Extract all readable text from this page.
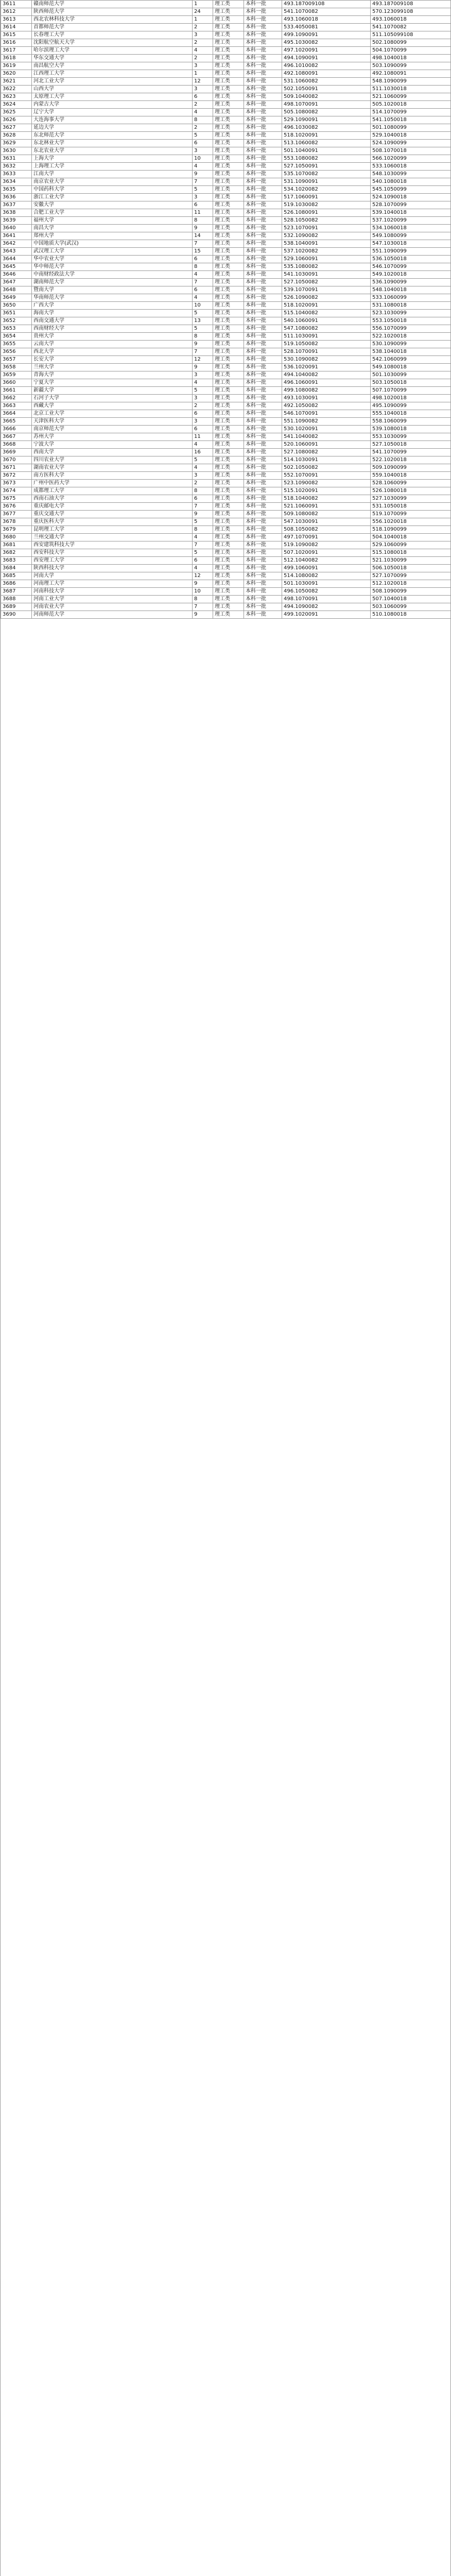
3611	赣南师范大学	1	理工类	本科一批	493.187009108	493.187009108
3612	陕西师范大学	24	理工类	本科一批	541.1070082	570.123099108
3613	西北农林科技大学	1	理工类	本科一批	493.1060018	493.1060018
3614	首都师范大学	2	理工类	本科一批	533.4050081	541.1070082
3615	长春理工大学	3	理工类	本科一批	499.1090091	511.105099108
3616	沈阳航空航天大学	2	理工类	本科一批	495.1030082	502.1080099
3617	哈尔滨理工大学	4	理工类	本科一批	497.1020091	504.1070099
3618	华东交通大学	2	理工类	本科一批	494.1090091	498.1040018
3619	南昌航空大学	3	理工类	本科一批	496.1010082	503.1090099
3620	江西理工大学	1	理工类	本科一批	492.1080091	492.1080091
3621	河北工业大学	12	理工类	本科一批	531.1060082	548.1090099
3622	山西大学	3	理工类	本科一批	502.1050091	511.1030018
3623	太原理工大学	6	理工类	本科一批	509.1040082	521.1060099
3624	内蒙古大学	2	理工类	本科一批	498.1070091	505.1020018
3625	辽宁大学	4	理工类	本科一批	505.1080082	514.1070099
3626	大连海事大学	8	理工类	本科一批	529.1090091	541.1050018
3627	延边大学	2	理工类	本科一批	496.1030082	501.1080099
3628	东北师范大学	5	理工类	本科一批	518.1020091	529.1040018
3629	东北林业大学	6	理工类	本科一批	513.1060082	524.1090099
3630	东北农业大学	3	理工类	本科一批	501.1040091	508.1070018
3631	上海大学	10	理工类	本科一批	553.1080082	566.1020099
3632	上海理工大学	4	理工类	本科一批	527.1050091	533.1060018
3633	江南大学	9	理工类	本科一批	535.1070082	548.1030099
3634	南京农业大学	7	理工类	本科一批	531.1090091	540.1080018
3635	中国药科大学	5	理工类	本科一批	534.1020082	545.1050099
3636	浙江工业大学	3	理工类	本科一批	517.1060091	524.1090018
3637	安徽大学	6	理工类	本科一批	519.1030082	528.1070099
3638	合肥工业大学	11	理工类	本科一批	526.1080091	539.1040018
3639	福州大学	8	理工类	本科一批	528.1050082	537.1020099
3640	南昌大学	9	理工类	本科一批	523.1070091	534.1060018
3641	郑州大学	14	理工类	本科一批	532.1090082	549.1080099
3642	中国地质大学(武汉)	7	理工类	本科一批	538.1040091	547.1030018
3643	武汉理工大学	15	理工类	本科一批	537.1020082	551.1090099
3644	华中农业大学	6	理工类	本科一批	529.1060091	536.1050018
3645	华中师范大学	8	理工类	本科一批	535.1080082	546.1070099
3646	中南财经政法大学	4	理工类	本科一批	541.1030091	549.1020018
3647	湖南师范大学	7	理工类	本科一批	527.1050082	536.1090099
3648	暨南大学	6	理工类	本科一批	539.1070091	548.1040018
3649	华南师范大学	4	理工类	本科一批	526.1090082	533.1060099
3650	广西大学	10	理工类	本科一批	518.1020091	531.1080018
3651	海南大学	5	理工类	本科一批	515.1040082	523.1030099
3652	西南交通大学	13	理工类	本科一批	540.1060091	553.1050018
3653	西南财经大学	5	理工类	本科一批	547.1080082	556.1070099
3654	贵州大学	8	理工类	本科一批	511.1030091	522.1020018
3655	云南大学	9	理工类	本科一批	519.1050082	530.1090099
3656	西北大学	7	理工类	本科一批	528.1070091	538.1040018
3657	长安大学	12	理工类	本科一批	530.1090082	542.1060099
3658	兰州大学	9	理工类	本科一批	536.1020091	549.1080018
3659	青海大学	3	理工类	本科一批	494.1040082	501.1030099
3660	宁夏大学	4	理工类	本科一批	496.1060091	503.1050018
3661	新疆大学	5	理工类	本科一批	499.1080082	507.1070099
3662	石河子大学	3	理工类	本科一批	493.1030091	498.1020018
3663	西藏大学	2	理工类	本科一批	492.1050082	495.1090099
3664	北京工业大学	6	理工类	本科一批	546.1070091	555.1040018
3665	天津医科大学	3	理工类	本科一批	551.1090082	558.1060099
3666	南京师范大学	6	理工类	本科一批	530.1020091	539.1080018
3667	苏州大学	11	理工类	本科一批	541.1040082	553.1030099
3668	宁波大学	4	理工类	本科一批	520.1060091	527.1050018
3669	西南大学	16	理工类	本科一批	527.1080082	541.1070099
3670	四川农业大学	5	理工类	本科一批	514.1030091	522.1020018
3671	湖南农业大学	4	理工类	本科一批	502.1050082	509.1090099
3672	南方医科大学	3	理工类	本科一批	552.1070091	559.1040018
3673	广州中医药大学	2	理工类	本科一批	523.1090082	528.1060099
3674	成都理工大学	8	理工类	本科一批	515.1020091	526.1080018
3675	西南石油大学	6	理工类	本科一批	518.1040082	527.1030099
3676	重庆邮电大学	7	理工类	本科一批	521.1060091	531.1050018
3677	重庆交通大学	9	理工类	本科一批	509.1080082	519.1070099
3678	重庆医科大学	5	理工类	本科一批	547.1030091	556.1020018
3679	昆明理工大学	8	理工类	本科一批	508.1050082	518.1090099
3680	兰州交通大学	4	理工类	本科一批	497.1070091	504.1040018
3681	西安建筑科技大学	7	理工类	本科一批	519.1090082	529.1060099
3682	西安科技大学	5	理工类	本科一批	507.1020091	515.1080018
3683	西安理工大学	6	理工类	本科一批	512.1040082	521.1030099
3684	陕西科技大学	4	理工类	本科一批	499.1060091	506.1050018
3685	河南大学	12	理工类	本科一批	514.1080082	527.1070099
3686	河南理工大学	9	理工类	本科一批	501.1030091	512.1020018
3687	河南科技大学	10	理工类	本科一批	496.1050082	508.1090099
3688	河南工业大学	8	理工类	本科一批	498.1070091	507.1040018
3689	河南农业大学	7	理工类	本科一批	494.1090082	503.1060099
3690	河南师范大学	9	理工类	本科一批	499.1020091	510.1080018
